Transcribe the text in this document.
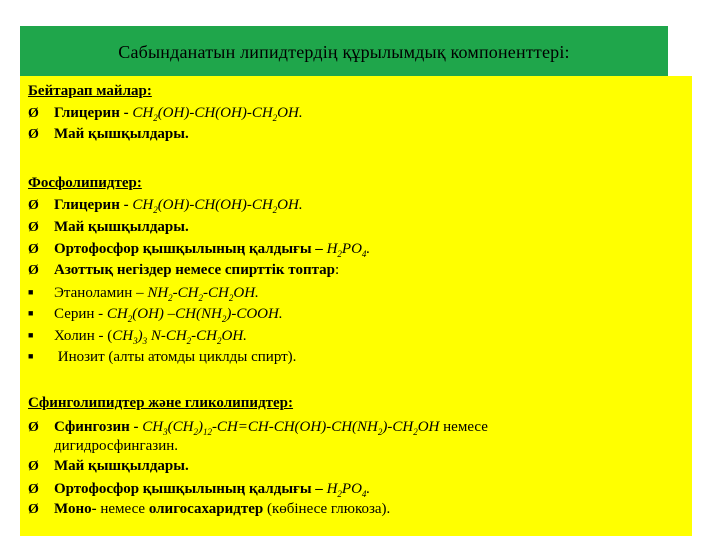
Сабынданатын липидтердің құрылымдық компоненттері:
Бейтарап майлар:
Ø Глицерин - $CH_2(OH)-CH(OH)-CH_2OH$.
Ø Май қышқылдары.
Фосфолипидтер:
Ø Глицерин - $CH_2(OH)-CH(OH)-CH_2OH$.
Ø Май қышқылдары.
Ø Ортофосфор қышқылының қалдығы – $H_2PO_4$.
Ø Азоттық негіздер немесе спирттік топтар:
■ Этаноламин – $NH_2-CH_2-CH_2OH$.
■ Серин - $CH_2(OH)$ $-CH(NH_2)$-COOH.
■ Холин - $(CH_3)_3$ $N-CH_2-CH_2OH$.
■ Инозит (алты атомды циклды спирт).
Сфинголипидтер және гликолипидтер:
Ø Сфингозин - $CH_3(CH_2)_{12}-CH=CH-CH(OH)-CH(NH_2)-CH_2OH$ немесе
дигидросфингазин.
Ø Май қышқылдары.
Ø Ортофосфор қышқылының қалдығы – $H_2PO_4$.
Ø Моно- немесе олигосахаридтер (көбінесе глюкоза).
